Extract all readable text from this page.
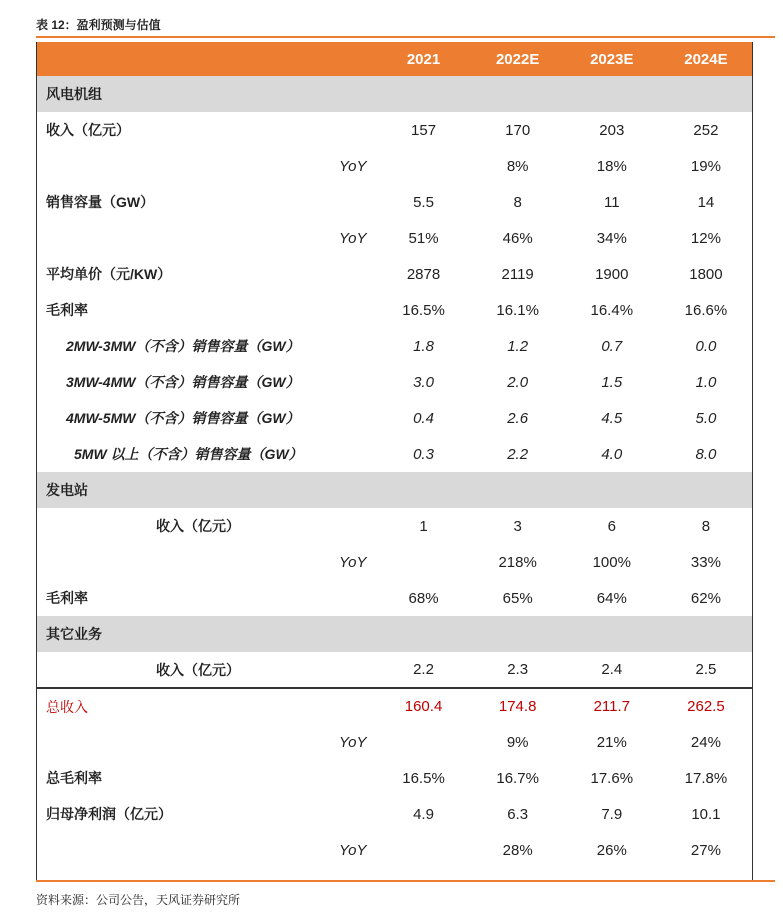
表 12：盈利预测与估值
	2021	2022E	2023E	2024E
风电机组				
收入（亿元）	157	170	203	252
YoY		8%	18%	19%
销售容量（GW）	5.5	8	11	14
YoY	51%	46%	34%	12%
平均单价（元/KW）	2878	2119	1900	1800
毛利率	16.5%	16.1%	16.4%	16.6%
2MW-3MW（不含）销售容量（GW）	1.8	1.2	0.7	0.0
3MW-4MW（不含）销售容量（GW）	3.0	2.0	1.5	1.0
4MW-5MW（不含）销售容量（GW）	0.4	2.6	4.5	5.0
5MW 以上（不含）销售容量（GW）	0.3	2.2	4.0	8.0
发电站				
收入（亿元）	1	3	6	8
YoY		218%	100%	33%
毛利率	68%	65%	64%	62%
其它业务				
收入（亿元）	2.2	2.3	2.4	2.5
总收入	160.4	174.8	211.7	262.5
YoY		9%	21%	24%
总毛利率	16.5%	16.7%	17.6%	17.8%
归母净利润（亿元）	4.9	6.3	7.9	10.1
YoY		28%	26%	27%
资料来源：公司公告，天风证券研究所
